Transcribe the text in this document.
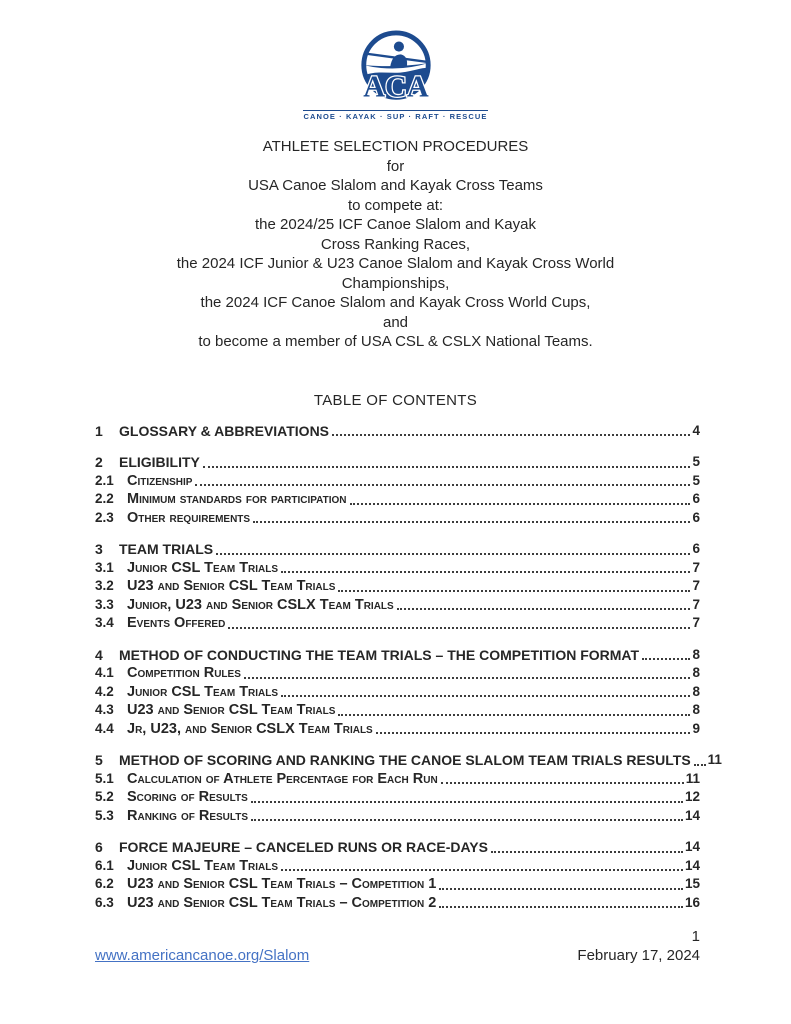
ACA
CANOE · KAYAK · SUP · RAFT · RESCUE
ATHLETE SELECTION PROCEDURES
for
USA Canoe Slalom and Kayak Cross Teams
to compete at:
the 2024/25 ICF Canoe Slalom and Kayak
Cross Ranking Races,
the 2024 ICF Junior & U23 Canoe Slalom and Kayak Cross World
Championships,
the 2024 ICF Canoe Slalom and Kayak Cross World Cups,
and
to become a member of USA CSL & CSLX National Teams.
TABLE OF CONTENTS
1	GLOSSARY & ABBREVIATIONS	4
2	ELIGIBILITY	5
2.1 Citizenship	5
2.2 Minimum standards for participation	6
2.3 Other requirements	6
3	TEAM TRIALS	6
3.1 Junior CSL Team Trials	7
3.2 U23 and Senior CSL Team Trials	7
3.3 Junior, U23 and Senior CSLX Team Trials	7
3.4 Events Offered	7
4	METHOD OF CONDUCTING THE TEAM TRIALS – THE COMPETITION FORMAT	8
4.1 Competition Rules	8
4.2 Junior CSL Team Trials	8
4.3 U23 and Senior CSL Team Trials	8
4.4 Jr, U23, and Senior CSLX Team Trials	9
5	METHOD OF SCORING AND RANKING THE CANOE SLALOM TEAM TRIALS RESULTS 11
5.1 Calculation of Athlete Percentage for Each Run	11
5.2 Scoring of Results	12
5.3 Ranking of Results	14
6	FORCE MAJEURE – CANCELED RUNS OR RACE-DAYS	14
6.1 Junior CSL Team Trials	14
6.2 U23 and Senior CSL Team Trials – Competition 1	15
6.3 U23 and Senior CSL Team Trials – Competition 2	16
1
www.americancanoe.org/Slalom	February 17, 2024
